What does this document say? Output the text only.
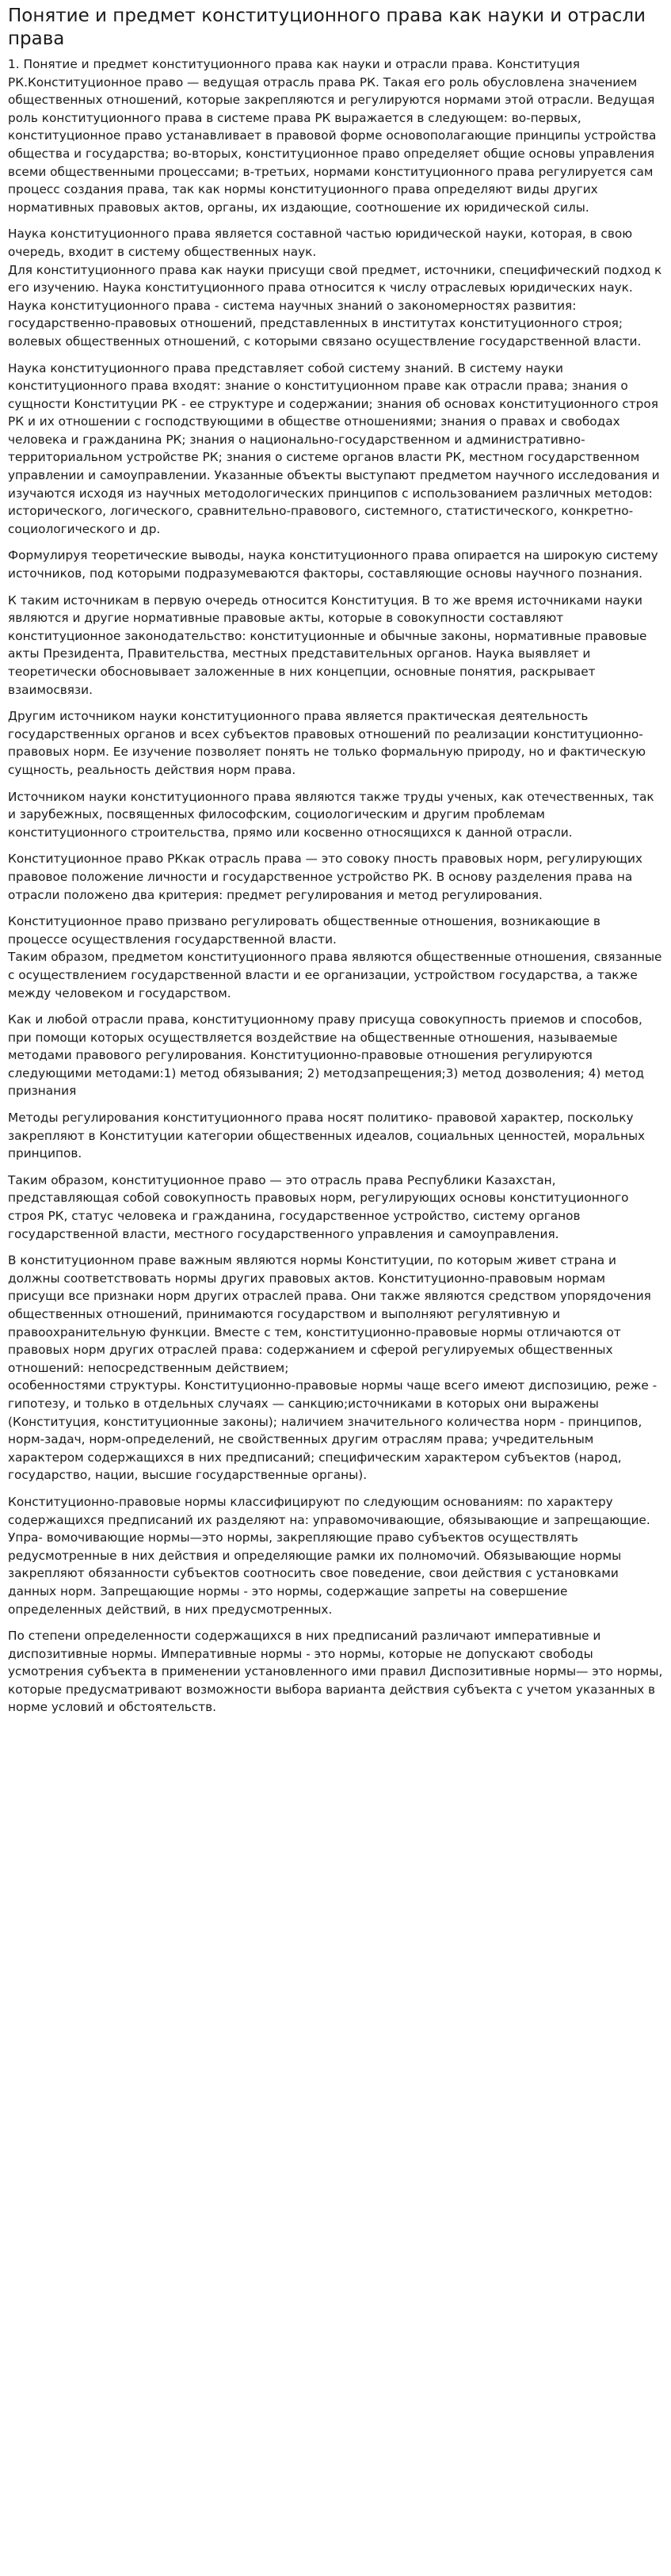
Понятие и предмет конституционного права как науки и отрасли права

1. Понятие и предмет конституционного права как науки и отрасли права. Конституция РК.Конституционное право — ведущая отрасль права РК. Такая его роль обусловлена значением общественных отношений, которые закрепляются и регулируются нормами этой отрасли. Ведущая роль конституционного права в системе права РК выражается в следующем: во-первых, конституционное право устанавливает в правовой форме основополагающие принципы устройства общества и государства; во-вторых, конституционное право определяет общие основы управления всеми общественными процессами; в-третьих, нормами конституционного права регулируется сам процесс создания права, так как нормы конституционного права определяют виды других нормативных правовых актов, органы, их издающие, соотношение их юридической силы.

Наука конституционного права является составной частью юридической науки, которая, в свою очередь, входит в систему общественных наук.
Для конституционного права как науки присущи свой предмет, источники, специфический подход к его изучению. Наука конституционного права относится к числу отраслевых юридических наук. Наука конституционного права - система научных знаний о закономерностях развития: государственно-правовых отношений, представленных в институтах конституционного строя; волевых общественных отношений, с которыми связано осуществление государственной власти.

Наука конституционного права представляет собой систему знаний. В систему науки конституционного права входят: знание о конституционном праве как отрасли права; знания о сущности Конституции РК - ее структуре и содержании; знания об основах конституционного строя РК и их отношении с господствующими в обществе отношениями; знания о правах и свободах человека и гражданина РК; знания о национально-государственном и административно-территориальном устройстве РК; знания о системе органов власти РК, местном государственном управлении и самоуправлении. Указанные объекты выступают предметом научного исследования и изучаются исходя из научных методологических принципов с использованием различных методов: исторического, логического, сравнительно-правового, системного, статистического, конкретно-социологического и др.

Формулируя теоретические выводы, наука конституционного права опирается на широкую систему источников, под которыми подразумеваются факторы, составляющие основы научного познания.

К таким источникам в первую очередь относится Конституция. В то же время источниками науки являются и другие нормативные правовые акты, которые в совокупности составляют конституционное законодательство: конституционные и обычные законы, нормативные правовые акты Президента, Правительства, местных представительных органов. Наука выявляет и теоретически обосновывает заложенные в них концепции, основные понятия, раскрывает взаимосвязи.

Другим источником науки конституционного права является практическая деятельность государственных органов и всех субъектов правовых отношений по реализации конституционно-правовых норм. Ее изучение позволяет понять не только формальную природу, но и фактическую сущность, реальность действия норм права.

Источником науки конституционного права являются также труды ученых, как отечественных, так и зарубежных, посвященных философским, социологическим и другим проблемам конституционного строительства, прямо или косвенно относящихся к данной отрасли.

Конституционное право РКкак отрасль права — это совоку пность правовых норм, регулирующих правовое положение личности и государственное устройство РК. В основу разделения права на отрасли положено два критерия: предмет регулирования и метод регулирования.

Конституционное право призвано регулировать общественные отношения, возникающие в процессе осуществления государственной власти.
Таким образом, предметом конституционного права являются общественные отношения, связанные с осуществлением государственной власти и ее организации, устройством государства, а также между человеком и государством.

Как и любой отрасли права, конституционному праву присуща совокупность приемов и способов, при помощи которых осуществляется воздействие на общественные отношения, называемые методами правового регулирования. Конституционно-правовые отношения регулируются следующими методами:1) метод обязывания; 2) методзапрещения;3) метод дозволения; 4) метод признания

Методы регулирования конституционного права носят политико- правовой характер, поскольку закрепляют в Конституции категории общественных идеалов, социальных ценностей, моральных принципов.

Таким образом, конституционное право — это отрасль права Республики Казахстан, представляющая собой совокупность правовых норм, регулирующих основы конституционного строя РК, статус человека и гражданина, государственное устройство, систему органов государственной власти, местного государственного управления и самоуправления.

В конституционном праве важным являются нормы Конституции, по которым живет страна и должны соответствовать нормы других правовых актов. Конституционно-правовым нормам присущи все признаки норм других отраслей права. Они также являются средством упорядочения общественных отношений, принимаются государством и выполняют регулятивную и правоохранительную функции. Вместе с тем, конституционно-правовые нормы отличаются от правовых норм других отраслей права: содержанием и сферой регулируемых общественных отношений: непосредственным действием;
особенностями структуры. Конституционно-правовые нормы чаще всего имеют диспозицию, реже - гипотезу, и только в отдельных случаях — санкцию;источниками в которых они выражены (Конституция, конституционные законы); наличием значительного количества норм - принципов, норм-задач, норм-определений, не свойственных другим отраслям права; учредительным характером содержащихся в них предписаний; специфическим характером субъектов (народ, государство, нации, высшие государственные органы).

Конституционно-правовые нормы классифицируют по следующим основаниям: по характеру содержащихся предписаний их разделяют на: управомочивающие, обязывающие и запрещающие. Упра- вомочивающие нормы—это нормы, закрепляющие право субъектов осуществлять редусмотренные в них действия и определяющие рамки их полномочий. Обязывающие нормы закрепляют обязанности субъектов соотносить свое поведение, свои действия с установками данных норм. Запрещающие нормы - это нормы, содержащие запреты на совершение определенных действий, в них предусмотренных.

По степени определенности содержащихся в них предписаний различают императивные и диспозитивные нормы. Императивные нормы - это нормы, которые не допускают свободы усмотрения субъекта в применении установленного ими правил Диспозитивные нормы— это нормы, которые предусматривают возможности выбора варианта действия субъекта с учетом указанных в норме условий и обстоятельств.
